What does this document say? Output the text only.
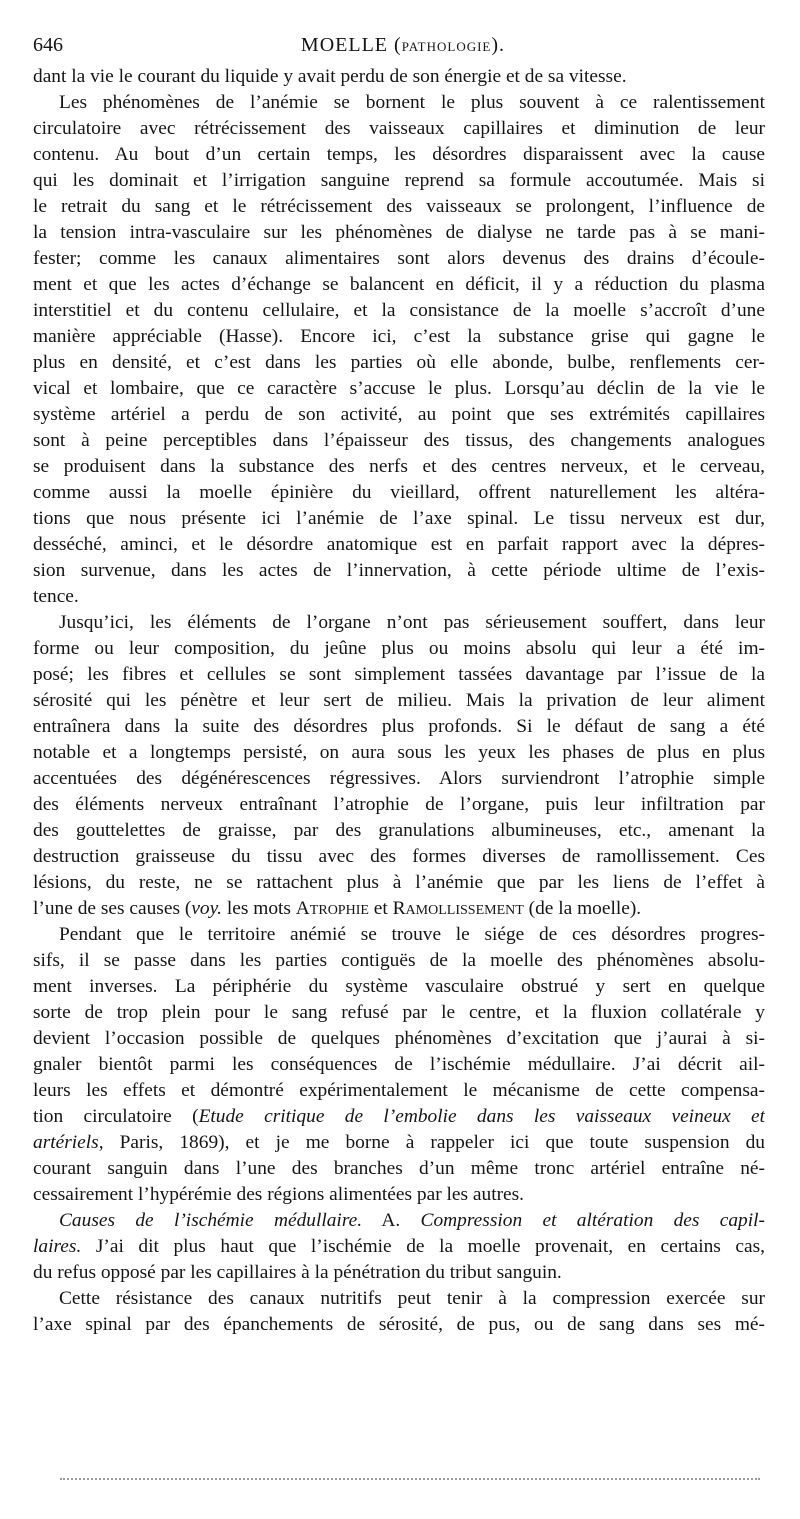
646	MOELLE (PATHOLOGIE).
dant la vie le courant du liquide y avait perdu de son énergie et de sa vitesse.
Les phénomènes de l’anémie se bornent le plus souvent à ce ralentissement
circulatoire avec rétrécissement des vaisseaux capillaires et diminution de leur
contenu. Au bout d’un certain temps, les désordres disparaissent avec la cause
qui les dominait et l’irrigation sanguine reprend sa formule accoutumée. Mais si
le retrait du sang et le rétrécissement des vaisseaux se prolongent, l’influence de
la tension intra-vasculaire sur les phénomènes de dialyse ne tarde pas à se mani-
fester; comme les canaux alimentaires sont alors devenus des drains d’écoule-
ment et que les actes d’échange se balancent en déficit, il y a réduction du plasma
interstitiel et du contenu cellulaire, et la consistance de la moelle s’accroît d’une
manière appréciable (Hasse). Encore ici, c’est la substance grise qui gagne le
plus en densité, et c’est dans les parties où elle abonde, bulbe, renflements cer-
vical et lombaire, que ce caractère s’accuse le plus. Lorsqu’au déclin de la vie le
système artériel a perdu de son activité, au point que ses extrémités capillaires
sont à peine perceptibles dans l’épaisseur des tissus, des changements analogues
se produisent dans la substance des nerfs et des centres nerveux, et le cerveau,
comme aussi la moelle épinière du vieillard, offrent naturellement les altéra-
tions que nous présente ici l’anémie de l’axe spinal. Le tissu nerveux est dur,
desséché, aminci, et le désordre anatomique est en parfait rapport avec la dépres-
sion survenue, dans les actes de l’innervation, à cette période ultime de l’exis-
tence.
Jusqu’ici, les éléments de l’organe n’ont pas sérieusement souffert, dans leur
forme ou leur composition, du jeûne plus ou moins absolu qui leur a été im-
posé; les fibres et cellules se sont simplement tassées davantage par l’issue de la
sérosité qui les pénètre et leur sert de milieu. Mais la privation de leur aliment
entraînera dans la suite des désordres plus profonds. Si le défaut de sang a été
notable et a longtemps persisté, on aura sous les yeux les phases de plus en plus
accentuées des dégénérescences régressives. Alors surviendront l’atrophie simple
des éléments nerveux entraînant l’atrophie de l’organe, puis leur infiltration par
des gouttelettes de graisse, par des granulations albumineuses, etc., amenant la
destruction graisseuse du tissu avec des formes diverses de ramollissement. Ces
lésions, du reste, ne se rattachent plus à l’anémie que par les liens de l’effet à
l’une de ses causes (voy. les mots Atrophie et Ramollissement (de la moelle).
Pendant que le territoire anémié se trouve le siége de ces désordres progres-
sifs, il se passe dans les parties contiguës de la moelle des phénomènes absolu-
ment inverses. La périphérie du système vasculaire obstrué y sert en quelque
sorte de trop plein pour le sang refusé par le centre, et la fluxion collatérale y
devient l’occasion possible de quelques phénomènes d’excitation que j’aurai à si-
gnaler bientôt parmi les conséquences de l’ischémie médullaire. J’ai décrit ail-
leurs les effets et démontré expérimentalement le mécanisme de cette compensa-
tion circulatoire (Etude critique de l’embolie dans les vaisseaux veineux et
artériels, Paris, 1869), et je me borne à rappeler ici que toute suspension du
courant sanguin dans l’une des branches d’un même tronc artériel entraîne né-
cessairement l’hypérémie des régions alimentées par les autres.
Causes de l’ischémie médullaire. A. Compression et altération des capil-
laires. J’ai dit plus haut que l’ischémie de la moelle provenait, en certains cas,
du refus opposé par les capillaires à la pénétration du tribut sanguin.
Cette résistance des canaux nutritifs peut tenir à la compression exercée sur
l’axe spinal par des épanchements de sérosité, de pus, ou de sang dans ses mé-
